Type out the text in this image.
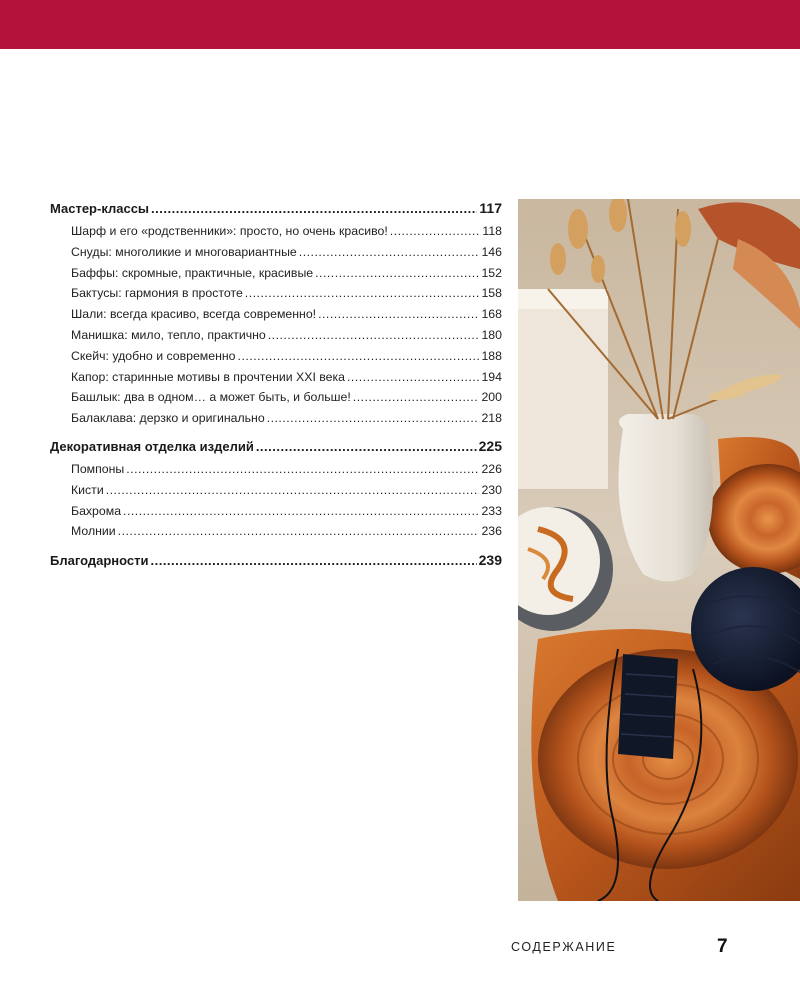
Мастер-классы .....	117
Шарф и его «родственники»: просто, но очень красиво! .....	118
Снуды: многоликие и многовариантные .....	146
Баффы: скромные, практичные, красивые .....	152
Бактусы: гармония в простоте .....	158
Шали: всегда красиво, всегда современно! .....	168
Манишка: мило, тепло, практично .....	180
Скейч: удобно и современно .....	188
Капор: старинные мотивы в прочтении XXI века .....	194
Башлык: два в одном… а может быть, и больше! .....	200
Балаклава: дерзко и оригинально .....	218
Декоративная отделка изделий .....	225
Помпоны .....	226
Кисти .....	230
Бахрома .....	233
Молнии .....	236
Благодарности .....	239
СОДЕРЖАНИЕ	7
